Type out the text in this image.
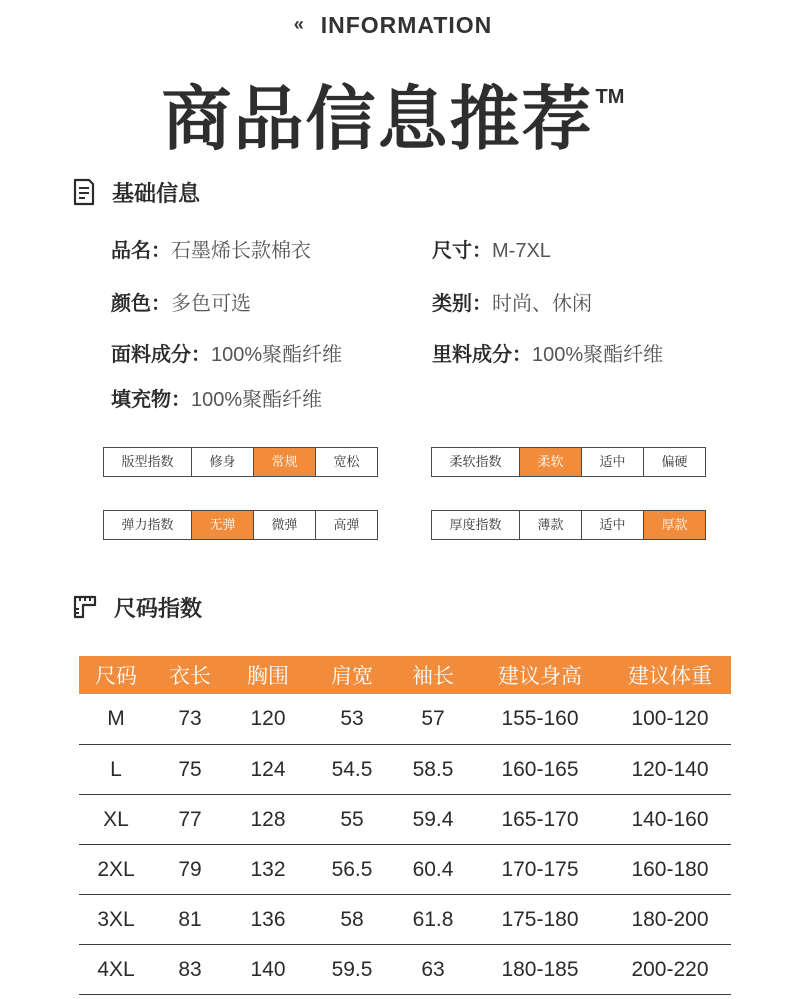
« INFORMATION
商品信息推荐 ™
基础信息
品名：石墨烯长款棉衣	尺寸：M-7XL
颜色：多色可选	类别：时尚、休闲
面料成分：100%聚酯纤维	里料成分：100%聚酯纤维
填充物：100%聚酯纤维
版型指数	修身	常规	宽松	柔软指数	柔软	适中	偏硬
弹力指数	无弹	微弹	高弹	厚度指数	薄款	适中	厚款
尺码指数
尺码	衣长	胸围	肩宽	袖长	建议身高	建议体重
M	73	120	53	57	155-160	100-120
L	75	124	54.5	58.5	160-165	120-140
XL	77	128	55	59.4	165-170	140-160
2XL	79	132	56.5	60.4	170-175	160-180
3XL	81	136	58	61.8	175-180	180-200
4XL	83	140	59.5	63	180-185	200-220
